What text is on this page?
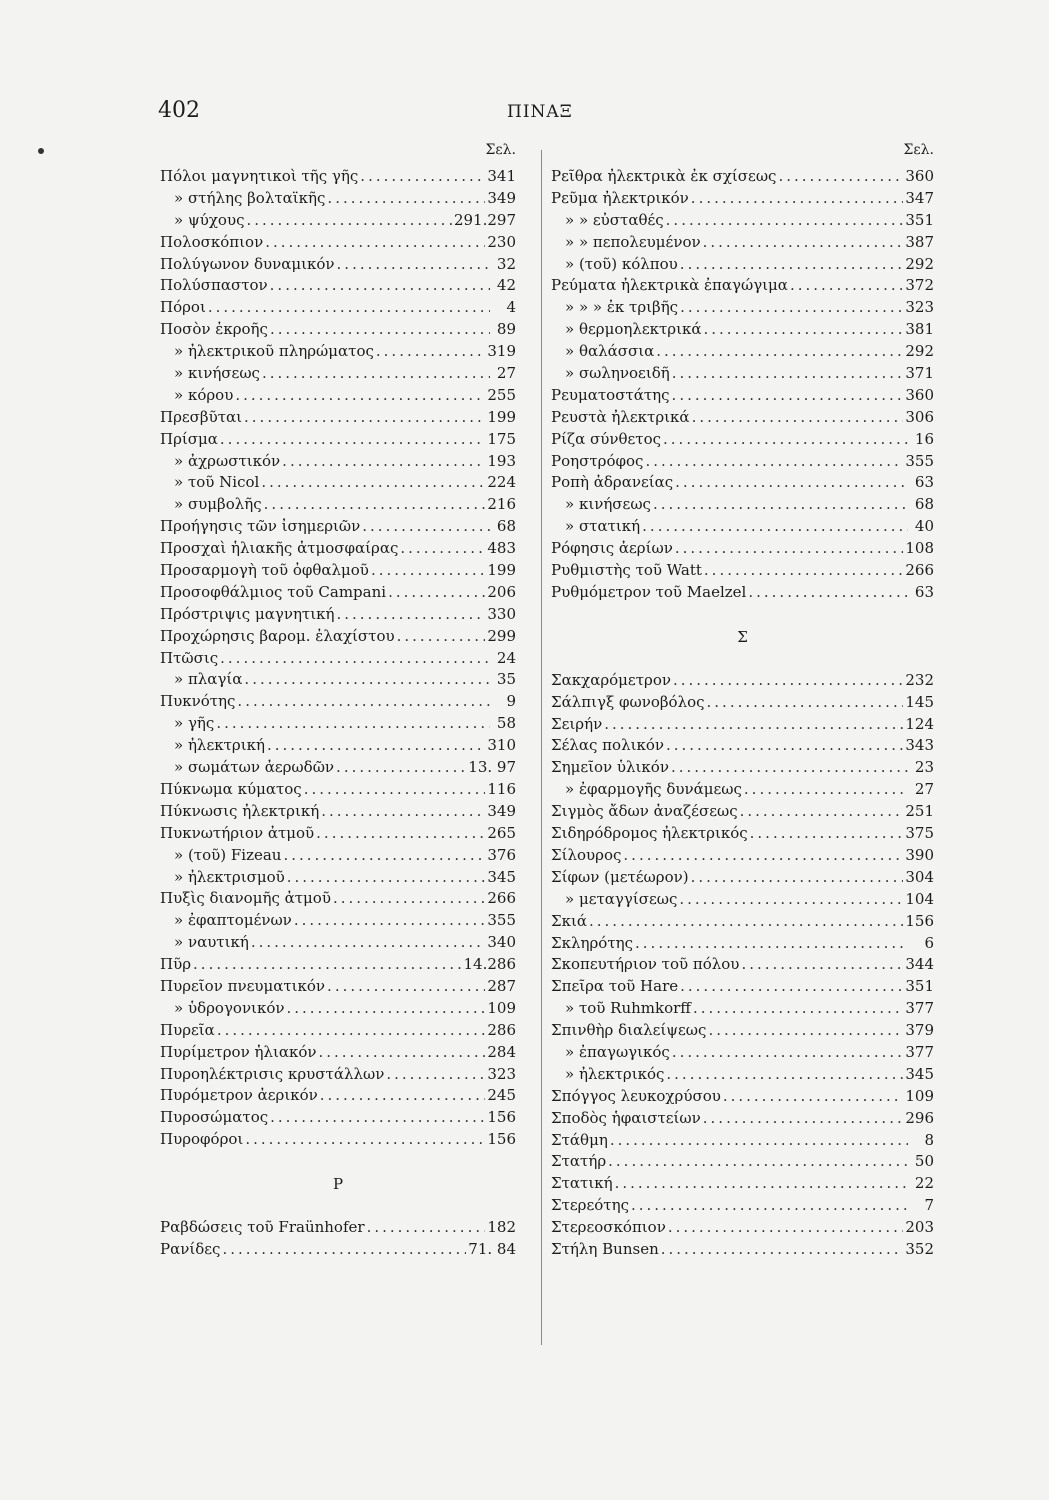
402	ΠΙΝΑΞ
Σελ.
Πόλοι μαγνητικοὶ τῆς γῆς .....	341
» στήλης βολταϊκῆς .....	349
» ψύχους .....	291.297
Πολοσκόπιον .....	230
Πολύγωνον δυναμικόν .....	32
Πολύσπαστον .....	42
Πόροι .....	4
Ποσὸν ἐκροῆς .....	89
» ἠλεκτρικοῦ πληρώματος .....	319
» κινήσεως .....	27
» κόρου .....	255
Πρεσβῦται .....	199
Πρίσμα .....	175
» ἀχρωστικόν .....	193
» τοῦ Nicol .....	224
» συμβολῆς .....	216
Προήγησις τῶν ἰσημεριῶν .....	68
Προσχαὶ ἡλιακῆς ἀτμοσφαίρας .....	483
Προσαρμογὴ τοῦ ὀφθαλμοῦ .....	199
Προσοφθάλμιος τοῦ Campani .....	206
Πρόστριψις μαγνητική .....	330
Προχώρησις βαρομ. ἐλαχίστου .....	299
Πτῶσις .....	24
» πλαγία .....	35
Πυκνότης .....	9
» γῆς .....	58
» ἠλεκτρική .....	310
» σωμάτων ἀερωδῶν .....	13. 97
Πύκνωμα κύματος .....	116
Πύκνωσις ἠλεκτρική .....	349
Πυκνωτήριον ἀτμοῦ .....	265
» (τοῦ) Fizeau .....	376
» ἠλεκτρισμοῦ .....	345
Πυξὶς διανομῆς ἀτμοῦ .....	266
» ἐφαπτομένων .....	355
» ναυτική .....	340
Πῦρ .....	14.286
Πυρεῖον πνευματικόν .....	287
» ὑδρογονικόν .....	109
Πυρεῖα .....	286
Πυρίμετρον ἡλιακόν .....	284
Πυροηλέκτρισις κρυστάλλων .....	323
Πυρόμετρον ἀερικόν .....	245
Πυροσώματος .....	156
Πυροφόροι .....	156
Ρ
Ραβδώσεις τοῦ Fraünhofer .....	182
Ρανίδες .....	71. 84
Σελ.
Ρεῖθρα ἠλεκτρικὰ ἐκ σχίσεως .....	360
Ρεῦμα ἠλεκτρικόν .....	347
» » εὐσταθές .....	351
» » πεπολευμένον .....	387
» (τοῦ) κόλπου .....	292
Ρεύματα ἠλεκτρικὰ ἐπαγώγιμα .....	372
» » » ἐκ τριβῆς .....	323
» θερμοηλεκτρικά .....	381
» θαλάσσια .....	292
» σωληνοειδῆ .....	371
Ρευματοστάτης .....	360
Ρευστὰ ἠλεκτρικά .....	306
Ρίζα σύνθετος .....	16
Ροηστρόφος .....	355
Ροπὴ ἀδρανείας .....	63
» κινήσεως .....	68
» στατική .....	40
Ρόφησις ἀερίων .....	108
Ρυθμιστὴς τοῦ Watt .....	266
Ρυθμόμετρον τοῦ Maelzel .....	63
Σ
Σακχαρόμετρον .....	232
Σάλπιγξ φωνοβόλος .....	145
Σειρήν .....	124
Σέλας πολικόν .....	343
Σημεῖον ὑλικόν .....	23
» ἐφαρμογῆς δυνάμεως .....	27
Σιγμὸς ἄδων ἀναζέσεως .....	251
Σιδηρόδρομος ἠλεκτρικός .....	375
Σίλουρος .....	390
Σίφων (μετέωρον) .....	304
» μεταγγίσεως .....	104
Σκιά .....	156
Σκληρότης .....	6
Σκοπευτήριον τοῦ πόλου .....	344
Σπεῖρα τοῦ Hare .....	351
» τοῦ Ruhmkorff .....	377
Σπινθὴρ διαλείψεως .....	379
» ἐπαγωγικός .....	377
» ἠλεκτρικός .....	345
Σπόγγος λευκοχρύσου .....	109
Σποδὸς ἡφαιστείων .....	296
Στάθμη .....	8
Στατήρ .....	50
Στατική .....	22
Στερεότης .....	7
Στερεοσκόπιον .....	203
Στήλη Bunsen .....	352
